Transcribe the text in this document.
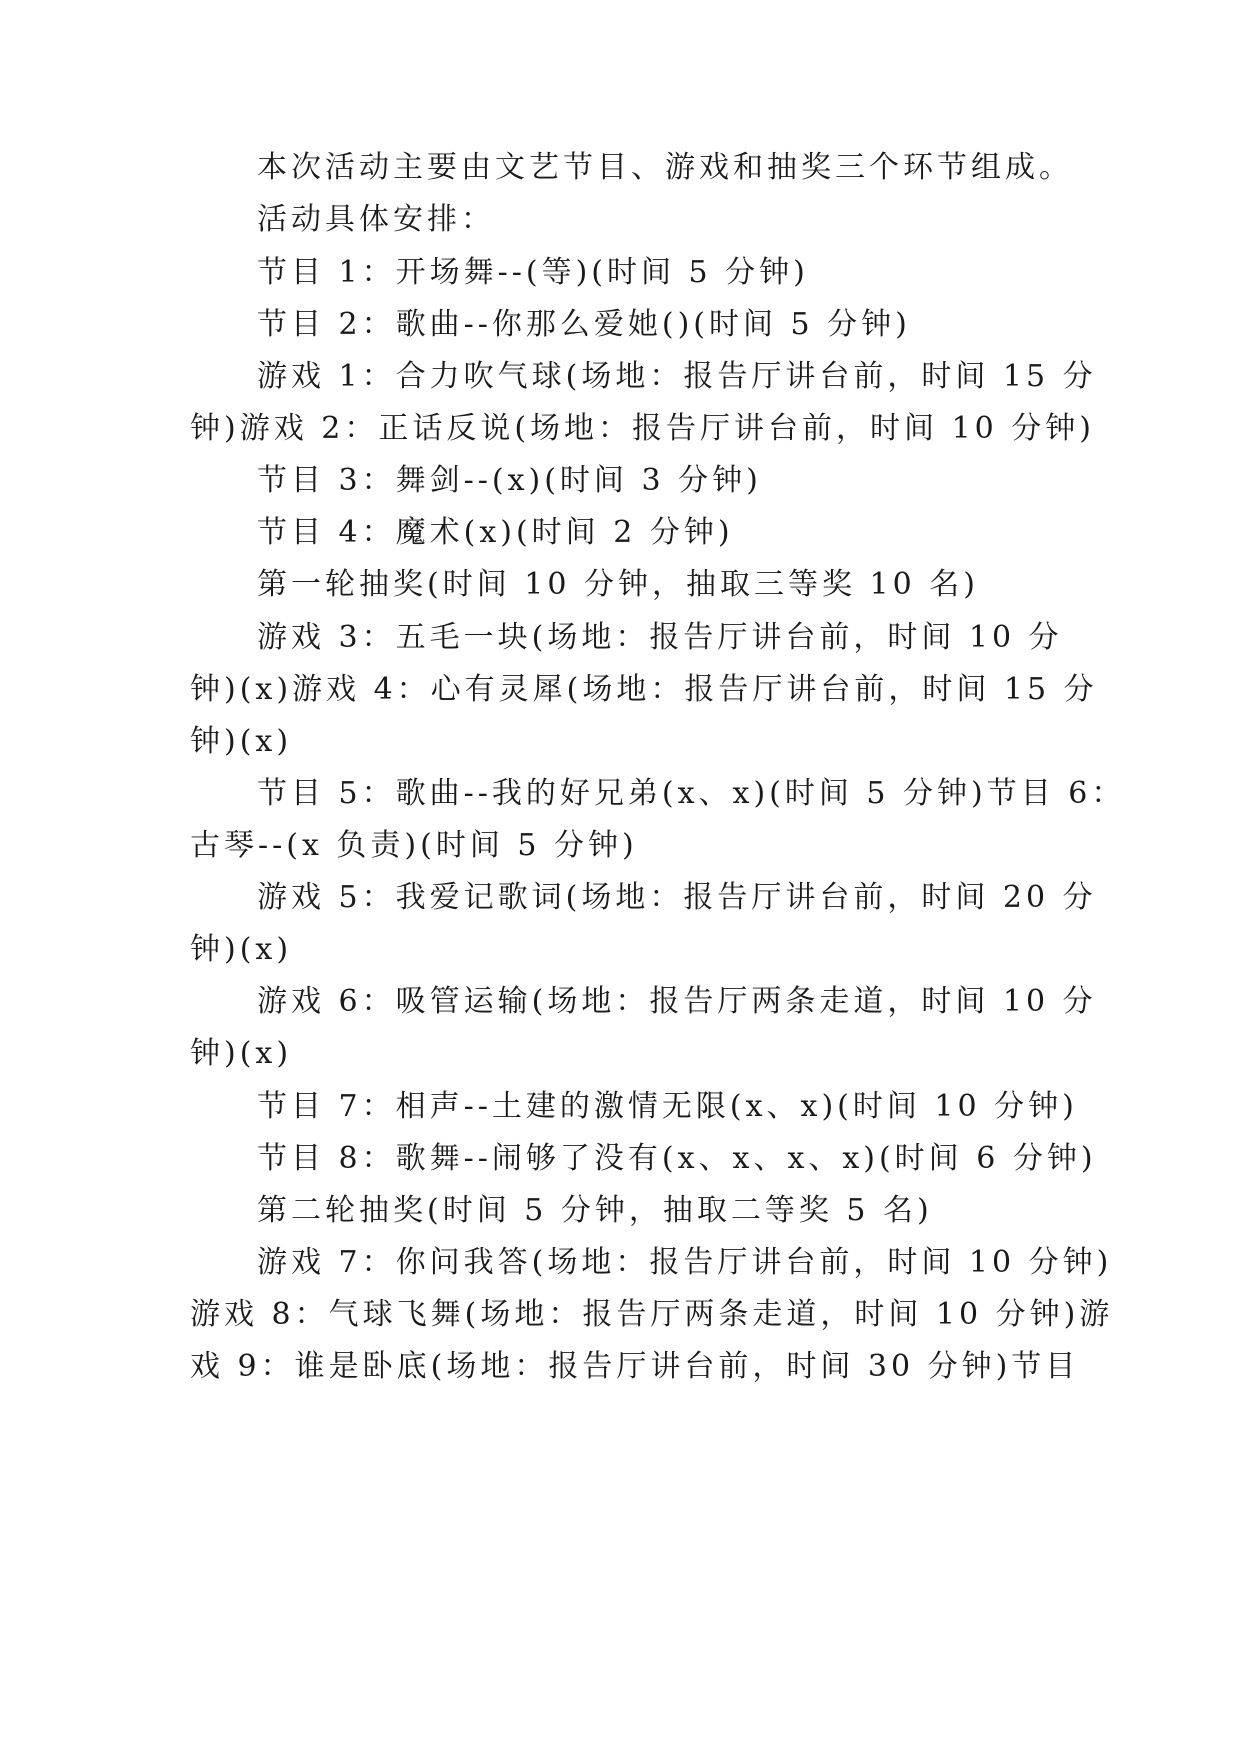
本次活动主要由文艺节目、游戏和抽奖三个环节组成。
活动具体安排：
节目 1：开场舞--(等)(时间 5 分钟)
节目 2：歌曲--你那么爱她()(时间 5 分钟)
游戏 1：合力吹气球(场地：报告厅讲台前，时间 15 分
钟)游戏 2：正话反说(场地：报告厅讲台前，时间 10 分钟)
节目 3：舞剑--(x)(时间 3 分钟)
节目 4：魔术(x)(时间 2 分钟)
第一轮抽奖(时间 10 分钟，抽取三等奖 10 名)
游戏 3：五毛一块(场地：报告厅讲台前，时间 10 分
钟)(x)游戏 4：心有灵犀(场地：报告厅讲台前，时间 15 分
钟)(x)
节目 5：歌曲--我的好兄弟(x、x)(时间 5 分钟)节目 6：
古琴--(x 负责)(时间 5 分钟)
游戏 5：我爱记歌词(场地：报告厅讲台前，时间 20 分
钟)(x)
游戏 6：吸管运输(场地：报告厅两条走道，时间 10 分
钟)(x)
节目 7：相声--土建的激情无限(x、x)(时间 10 分钟)
节目 8：歌舞--闹够了没有(x、x、x、x)(时间 6 分钟)
第二轮抽奖(时间 5 分钟，抽取二等奖 5 名)
游戏 7：你问我答(场地：报告厅讲台前，时间 10 分钟)
游戏 8：气球飞舞(场地：报告厅两条走道，时间 10 分钟)游
戏 9：谁是卧底(场地：报告厅讲台前，时间 30 分钟)节目
